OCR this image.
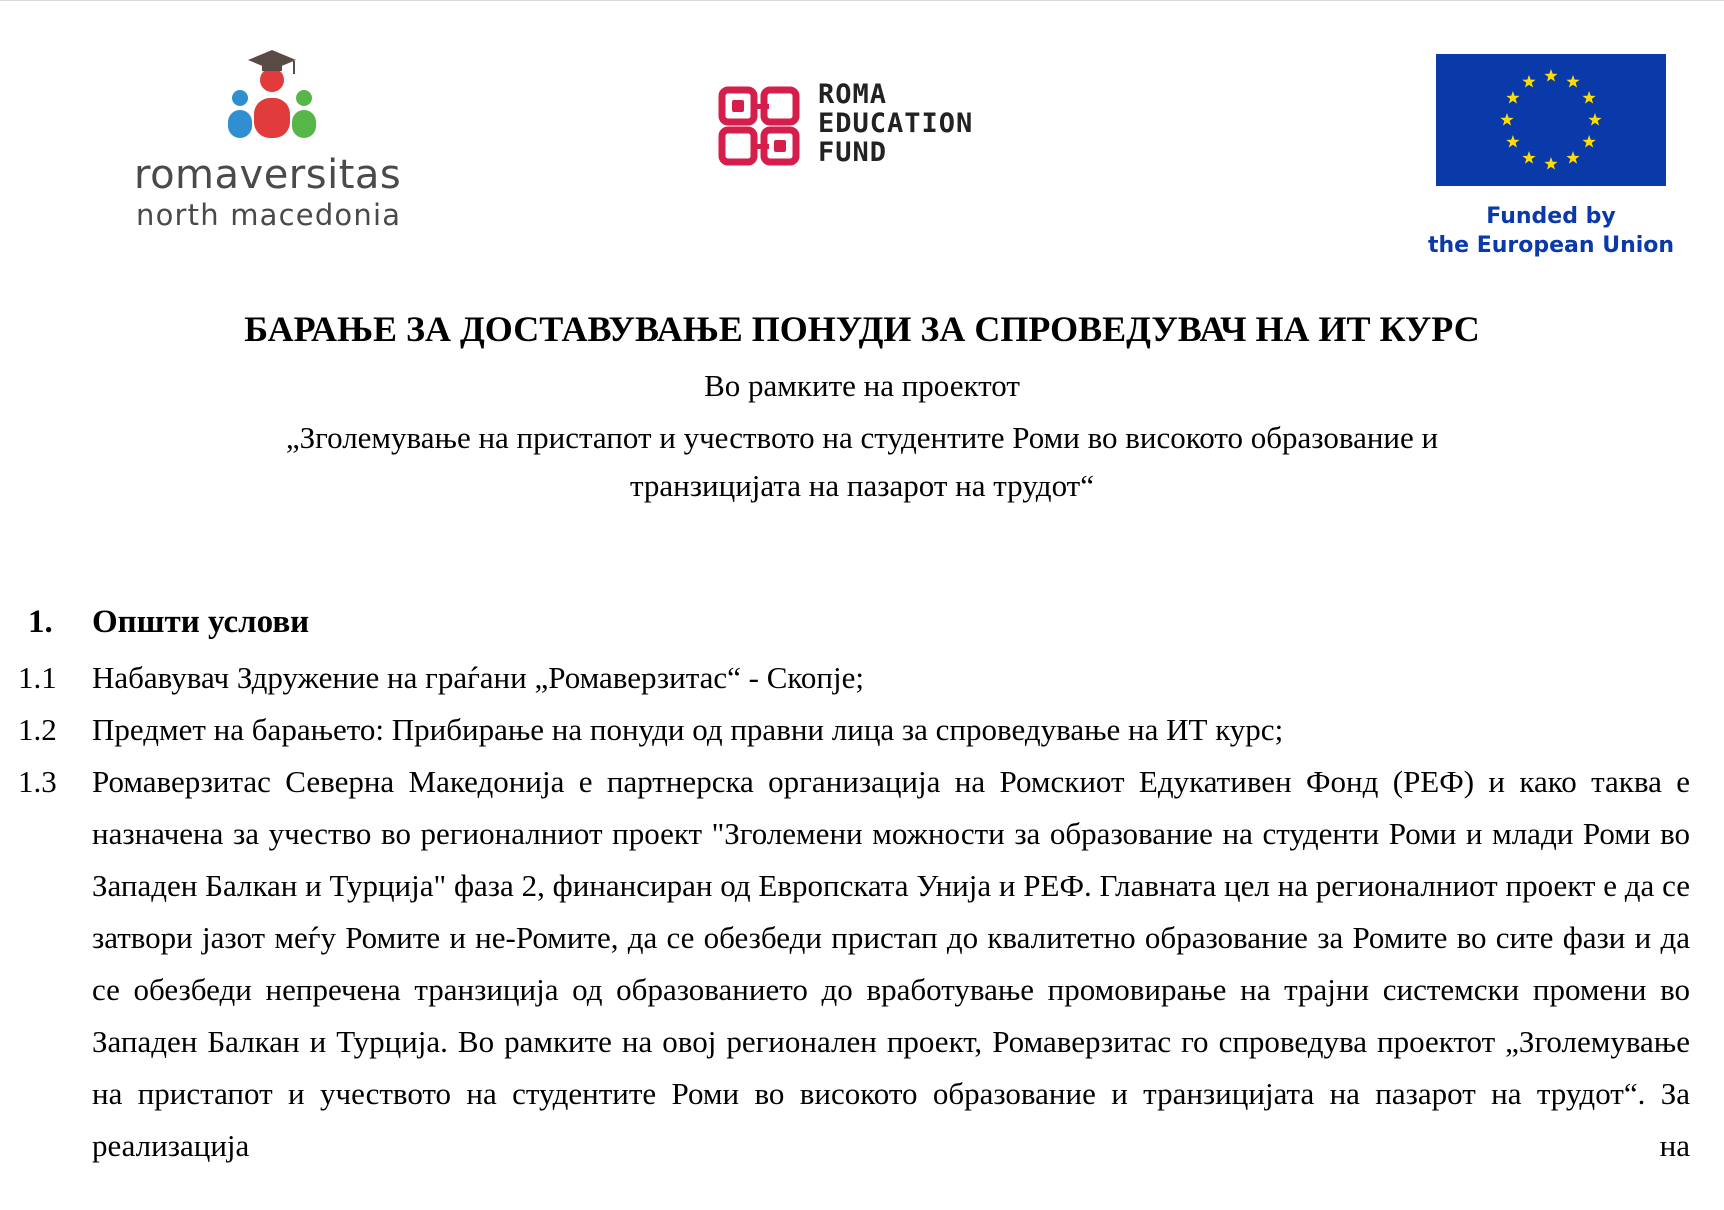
romaversitas
north macedonia
ROMA
EDUCATION
FUND
Funded by
the European Union
БАРАЊЕ ЗА ДОСТАВУВАЊЕ ПОНУДИ ЗА СПРОВЕДУВАЧ НА ИТ КУРС
Во рамките на проектот
„Зголемување на пристапот и учеството на студентите Роми во високото образование и
транзицијата на пазарот на трудот“
1. Општи услови
1.1	Набавувач Здружение на граѓани „Ромаверзитас“ - Скопје;
1.2	Предмет на барањето: Прибирање на понуди од правни лица за спроведување на ИТ курс;
1.3	Ромаверзитас Северна Македонија е партнерска организација на Ромскиот Едукативен Фонд (РЕФ) и како таква е назначена за учество во регионалниот проект "Зголемени можности за образование на студенти Роми и млади Роми во Западен Балкан и Турција" фаза 2, финансиран од Европската Унија и РЕФ. Главната цел на регионалниот проект е да се затвори јазот меѓу Ромите и не-Ромите, да се обезбеди пристап до квалитетно образование за Ромите во сите фази и да се обезбеди непречена транзиција од образованието до вработување промовирање на трајни системски промени во Западен Балкан и Турција. Во рамките на овој регионален проект, Ромаверзитас го спроведува проектот „Зголемување на пристапот и учеството на студентите Роми во високото образование и транзицијата на пазарот на трудот“. За реализација на
